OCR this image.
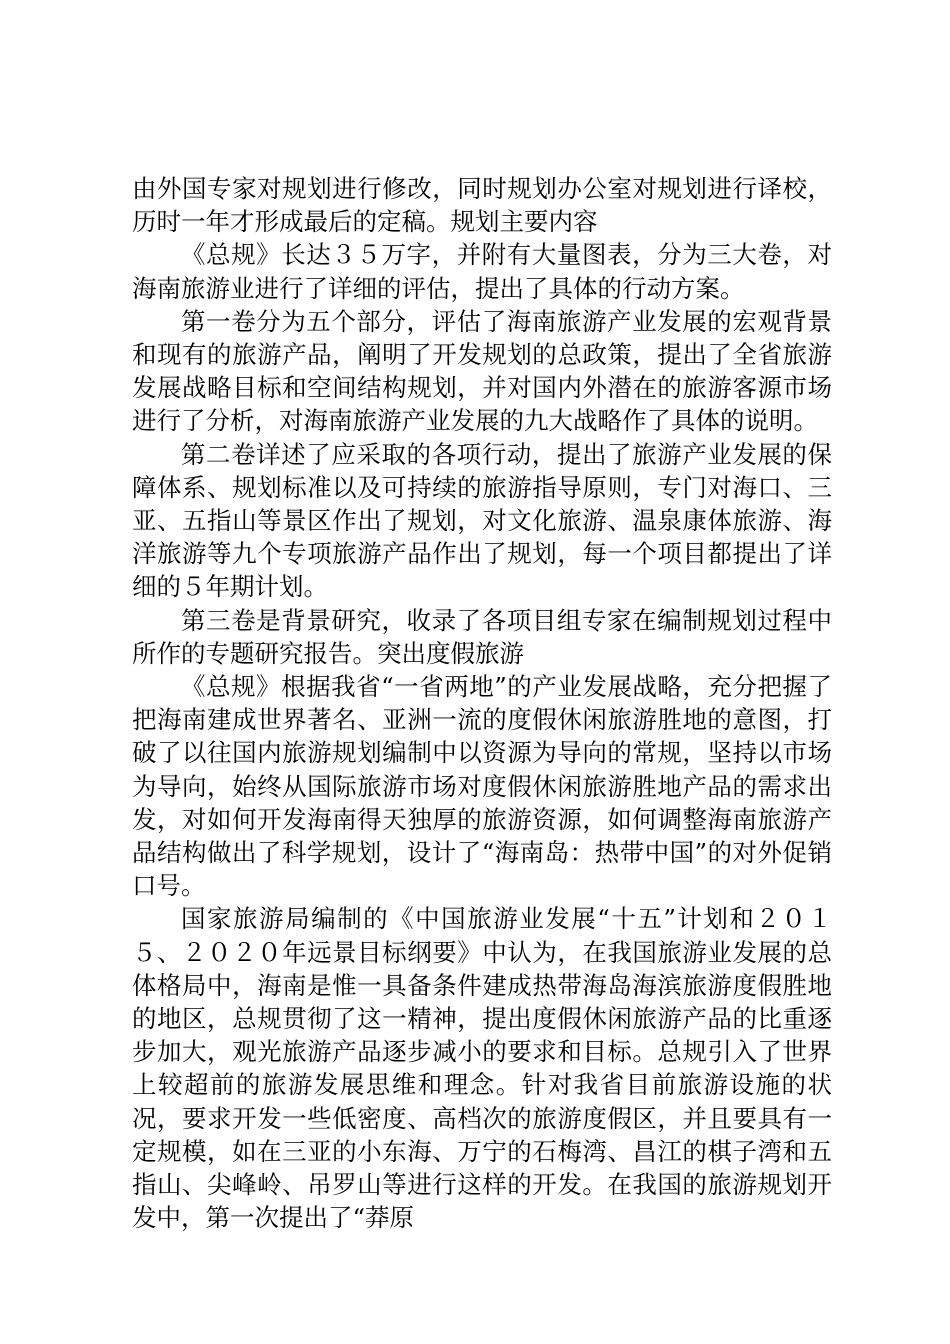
由外国专家对规划进行修改，同时规划办公室对规划进行译校，历时一年才形成最后的定稿。规划主要内容

《总规》长达３５万字，并附有大量图表，分为三大卷，对海南旅游业进行了详细的评估，提出了具体的行动方案。

第一卷分为五个部分，评估了海南旅游产业发展的宏观背景和现有的旅游产品，阐明了开发规划的总政策，提出了全省旅游发展战略目标和空间结构规划，并对国内外潜在的旅游客源市场进行了分析，对海南旅游产业发展的九大战略作了具体的说明。

第二卷详述了应采取的各项行动，提出了旅游产业发展的保障体系、规划标准以及可持续的旅游指导原则，专门对海口、三亚、五指山等景区作出了规划，对文化旅游、温泉康体旅游、海洋旅游等九个专项旅游产品作出了规划，每一个项目都提出了详细的５年期计划。

第三卷是背景研究，收录了各项目组专家在编制规划过程中所作的专题研究报告。突出度假旅游

《总规》根据我省“一省两地”的产业发展战略，充分把握了把海南建成世界著名、亚洲一流的度假休闲旅游胜地的意图，打破了以往国内旅游规划编制中以资源为导向的常规，坚持以市场为导向，始终从国际旅游市场对度假休闲旅游胜地产品的需求出发，对如何开发海南得天独厚的旅游资源，如何调整海南旅游产品结构做出了科学规划，设计了“海南岛：热带中国”的对外促销口号。

国家旅游局编制的《中国旅游业发展“十五”计划和２０１５、２０２０年远景目标纲要》中认为，在我国旅游业发展的总体格局中，海南是惟一具备条件建成热带海岛海滨旅游度假胜地的地区，总规贯彻了这一精神，提出度假休闲旅游产品的比重逐步加大，观光旅游产品逐步减小的要求和目标。总规引入了世界上较超前的旅游发展思维和理念。针对我省目前旅游设施的状况，要求开发一些低密度、高档次的旅游度假区，并且要具有一定规模，如在三亚的小东海、万宁的石梅湾、昌江的棋子湾和五指山、尖峰岭、吊罗山等进行这样的开发。在我国的旅游规划开发中，第一次提出了“莽原
